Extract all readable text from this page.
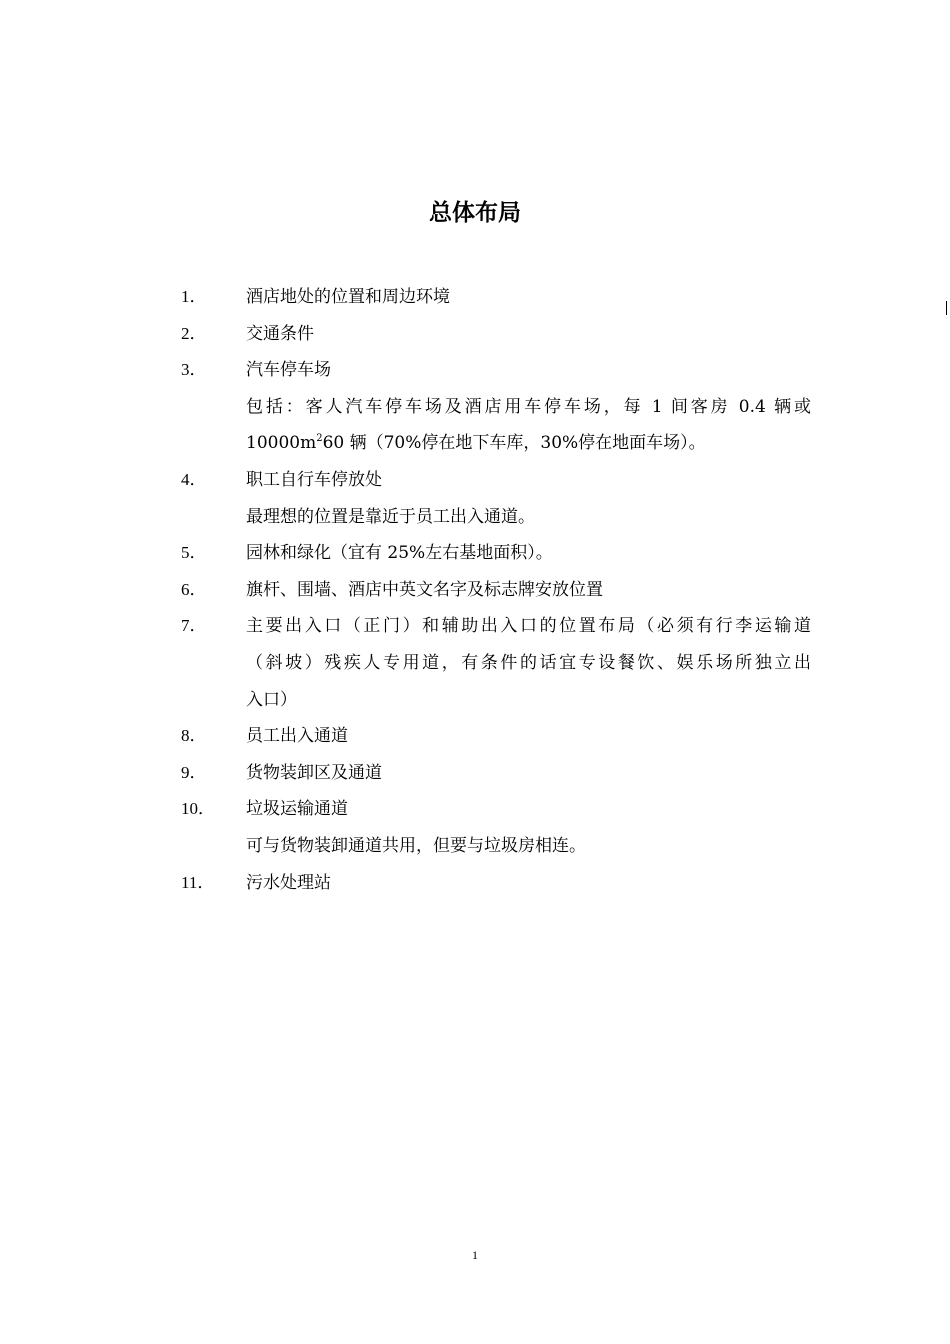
总体布局
1．	酒店地处的位置和周边环境
2．	交通条件
3．	汽车停车场
包括：客人汽车停车场及酒店用车停车场，每 1 间客房 0.4 辆或
$10000m^260$ 辆（70%停在地下车库，30%停在地面车场）。
4．	职工自行车停放处
最理想的位置是靠近于员工出入通道。
5．	园林和绿化（宜有 25%左右基地面积）。
6．	旗杆、围墙、酒店中英文名字及标志牌安放位置
7．	主要出入口（正门）和辅助出入口的位置布局（必须有行李运输道
（斜坡）残疾人专用道，有条件的话宜专设餐饮、娱乐场所独立出
入口）
8．	员工出入通道
9．	货物装卸区及通道
10．	垃圾运输通道
可与货物装卸通道共用，但要与垃圾房相连。
11．	污水处理站
1
